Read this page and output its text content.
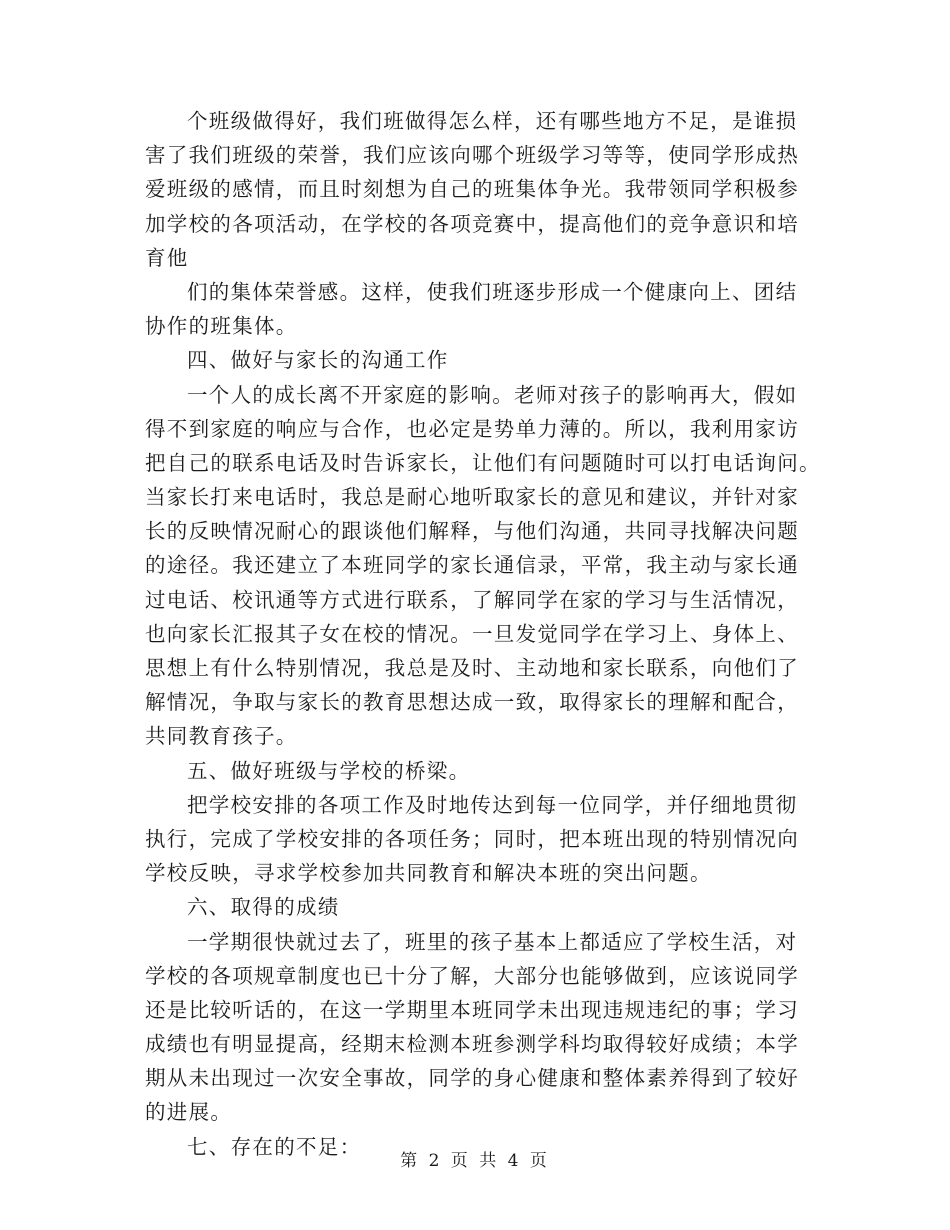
个班级做得好，我们班做得怎么样，还有哪些地方不足，是谁损
害了我们班级的荣誉，我们应该向哪个班级学习等等，使同学形成热
爱班级的感情，而且时刻想为自己的班集体争光。我带领同学积极参
加学校的各项活动，在学校的各项竞赛中，提高他们的竞争意识和培
育他
们的集体荣誉感。这样，使我们班逐步形成一个健康向上、团结
协作的班集体。
四、做好与家长的沟通工作
一个人的成长离不开家庭的影响。老师对孩子的影响再大，假如
得不到家庭的响应与合作，也必定是势单力薄的。所以，我利用家访
把自己的联系电话及时告诉家长，让他们有问题随时可以打电话询问。
当家长打来电话时，我总是耐心地听取家长的意见和建议，并针对家
长的反映情况耐心的跟谈他们解释，与他们沟通，共同寻找解决问题
的途径。我还建立了本班同学的家长通信录，平常，我主动与家长通
过电话、校讯通等方式进行联系，了解同学在家的学习与生活情况，
也向家长汇报其子女在校的情况。一旦发觉同学在学习上、身体上、
思想上有什么特别情况，我总是及时、主动地和家长联系，向他们了
解情况，争取与家长的教育思想达成一致，取得家长的理解和配合，
共同教育孩子。
五、做好班级与学校的桥梁。
把学校安排的各项工作及时地传达到每一位同学，并仔细地贯彻
执行，完成了学校安排的各项任务；同时，把本班出现的特别情况向
学校反映，寻求学校参加共同教育和解决本班的突出问题。
六、取得的成绩
一学期很快就过去了，班里的孩子基本上都适应了学校生活，对
学校的各项规章制度也已十分了解，大部分也能够做到，应该说同学
还是比较听话的，在这一学期里本班同学未出现违规违纪的事；学习
成绩也有明显提高，经期末检测本班参测学科均取得较好成绩；本学
期从未出现过一次安全事故，同学的身心健康和整体素养得到了较好
的进展。
七、存在的不足：
第 2 页 共 4 页
